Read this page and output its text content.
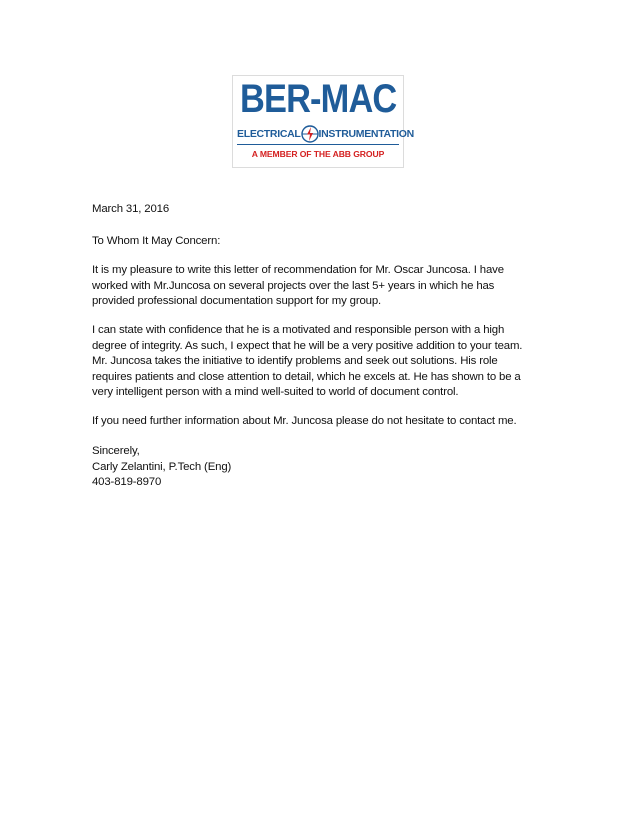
BER-MAC
ELECTRICAL INSTRUMENTATION
A MEMBER OF THE ABB GROUP
March 31, 2016
To Whom It May Concern:
It is my pleasure to write this letter of recommendation for Mr. Oscar Juncosa. I have
worked with Mr.Juncosa on several projects over the last 5+ years in which he has
provided professional documentation support for my group.
I can state with confidence that he is a motivated and responsible person with a high
degree of integrity. As such, I expect that he will be a very positive addition to your team.
Mr. Juncosa takes the initiative to identify problems and seek out solutions. His role
requires patients and close attention to detail, which he excels at. He has shown to be a
very intelligent person with a mind well-suited to world of document control.
If you need further information about Mr. Juncosa please do not hesitate to contact me.
Sincerely,
Carly Zelantini, P.Tech (Eng)
403-819-8970
